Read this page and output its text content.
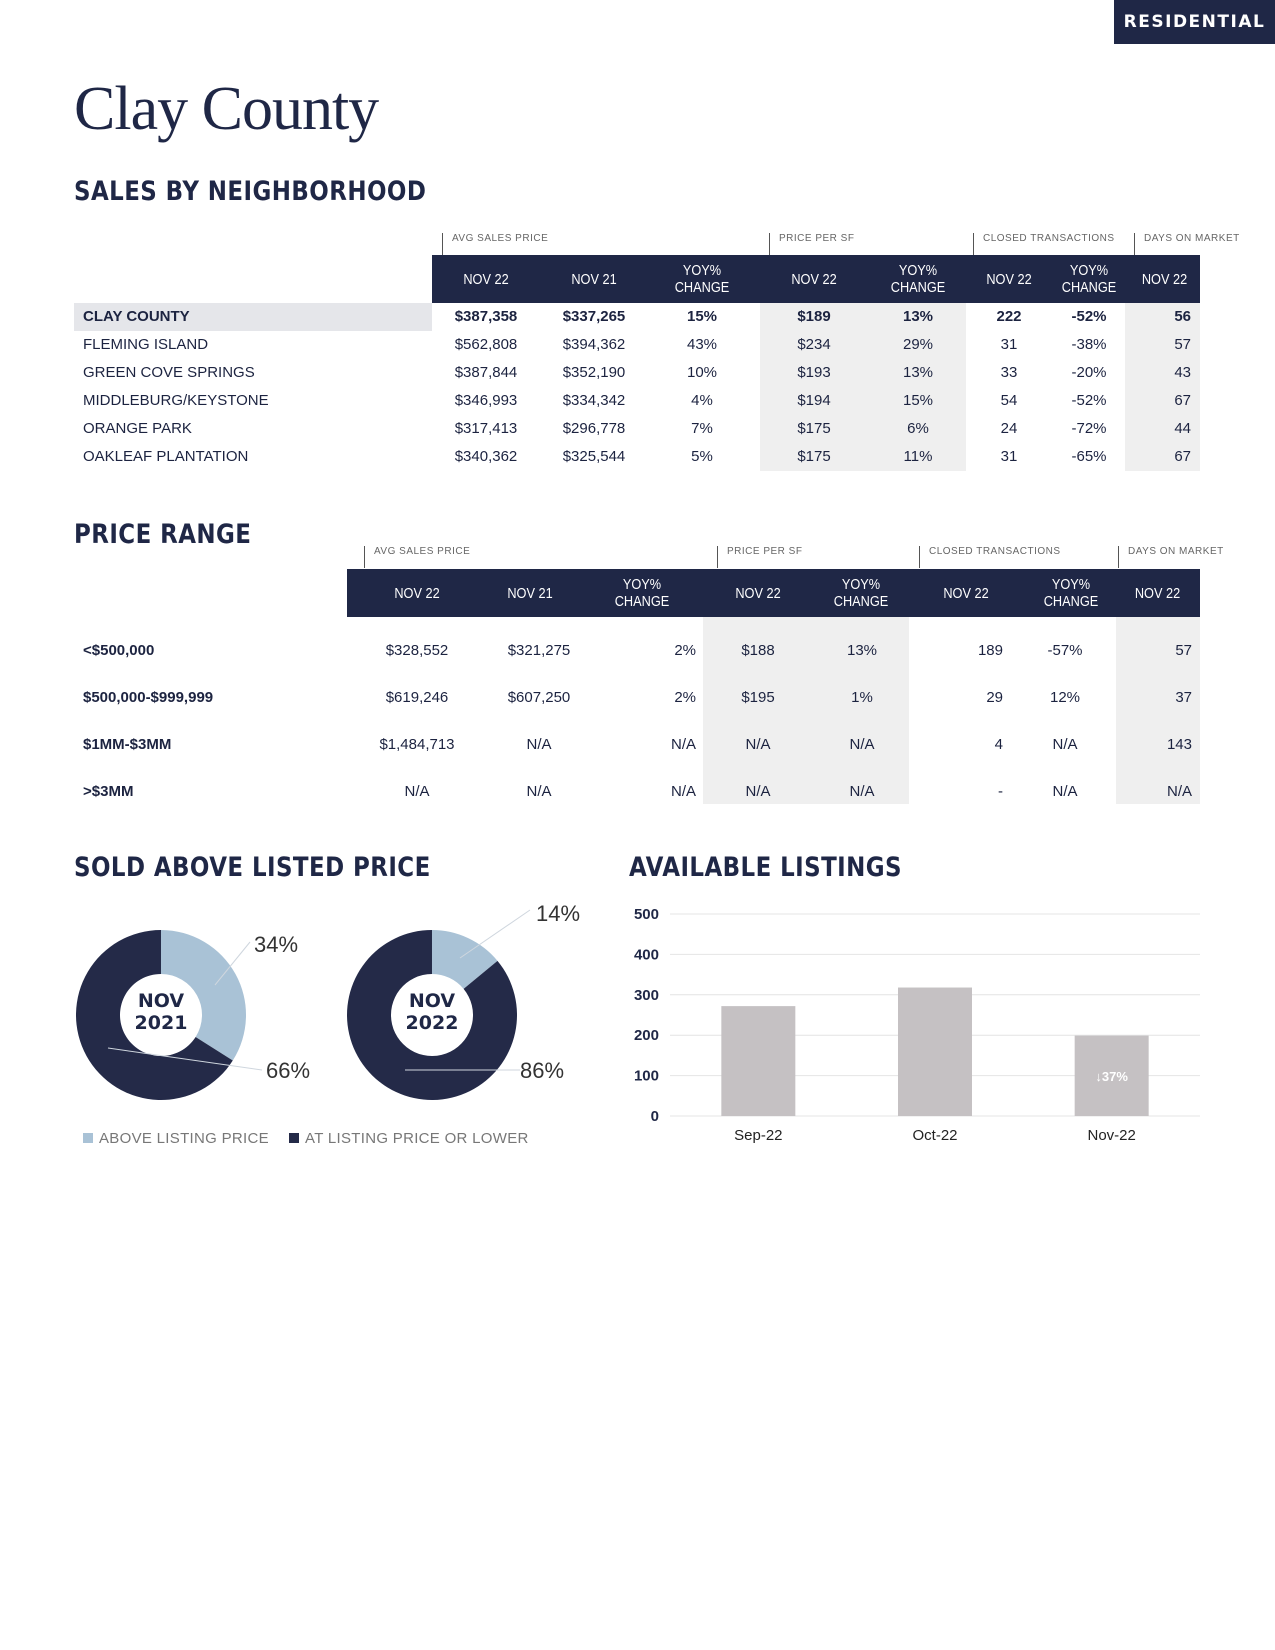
RESIDENTIAL
Clay County
SALES BY NEIGHBORHOOD
AVG SALES PRICE	PRICE PER SF	CLOSED TRANSACTIONS	DAYS ON MARKET
NOV 22	NOV 21	YOY% CHANGE	NOV 22	YOY% CHANGE	NOV 22	YOY% CHANGE	NOV 22
CLAY COUNTY	$387,358	$337,265	15%	$189	13%	222	-52%	56
FLEMING ISLAND	$562,808	$394,362	43%	$234	29%	31	-38%	57
GREEN COVE SPRINGS	$387,844	$352,190	10%	$193	13%	33	-20%	43
MIDDLEBURG/KEYSTONE	$346,993	$334,342	4%	$194	15%	54	-52%	67
ORANGE PARK	$317,413	$296,778	7%	$175	6%	24	-72%	44
OAKLEAF PLANTATION	$340,362	$325,544	5%	$175	11%	31	-65%	67
PRICE RANGE
AVG SALES PRICE	PRICE PER SF	CLOSED TRANSACTIONS	DAYS ON MARKET
NOV 22	NOV 21	YOY% CHANGE	NOV 22	YOY% CHANGE	NOV 22	YOY% CHANGE	NOV 22
<$500,000	$328,552	$321,275	2%	$188	13%	189	-57%	57
$500,000-$999,999	$619,246	$607,250	2%	$195	1%	29	12%	37
$1MM-$3MM	$1,484,713	N/A	N/A	N/A	N/A	4	N/A	143
>$3MM	N/A	N/A	N/A	N/A	N/A	-	N/A	N/A
SOLD ABOVE LISTED PRICE
NOV
2021
NOV
2022
34%
66%
14%
86%
ABOVE LISTING PRICE	AT LISTING PRICE OR LOWER
AVAILABLE LISTINGS
0
100
200
300
400
500
Sep-22	Oct-22	Nov-22
↓37%
